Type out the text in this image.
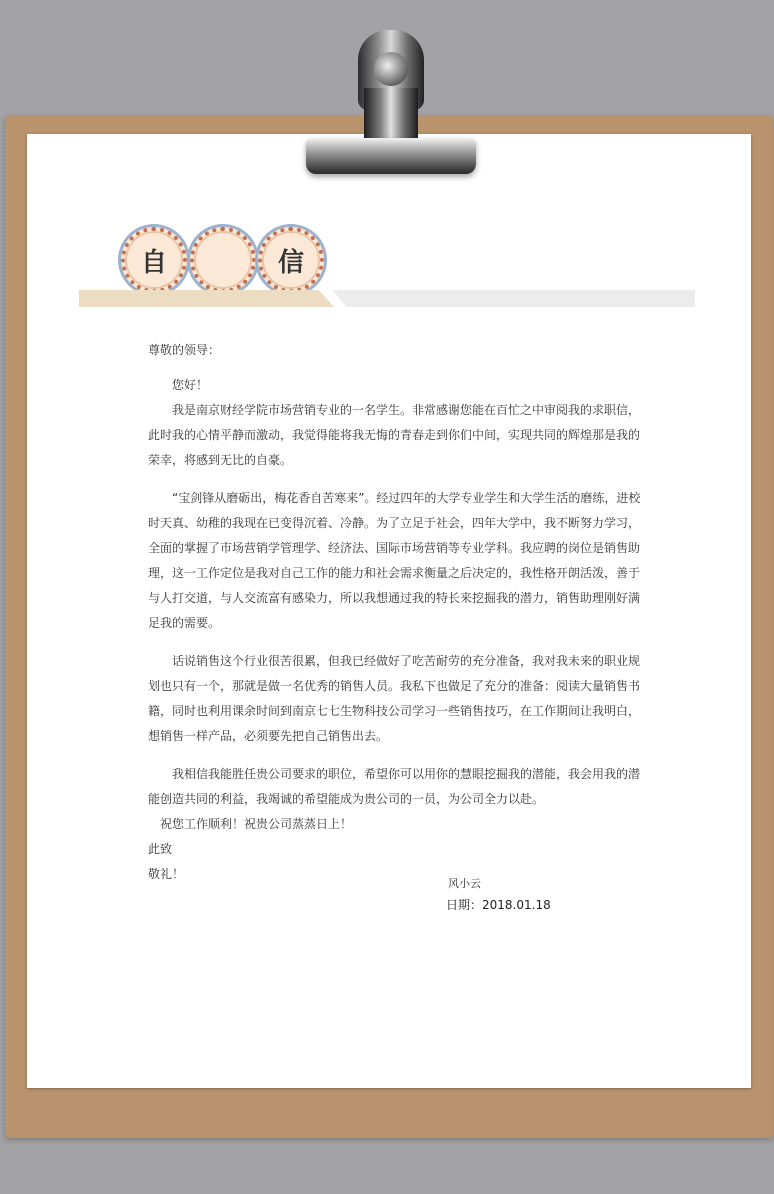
自	信

尊敬的领导：

您好！

我是南京财经学院市场营销专业的一名学生。非常感谢您能在百忙之中审阅我的求职信，此时我的心情平静而激动，我觉得能将我无悔的青春走到你们中间，实现共同的辉煌那是我的荣幸，将感到无比的自豪。

“宝剑锋从磨砺出，梅花香自苦寒来”。经过四年的大学专业学生和大学生活的磨练，进校时天真、幼稚的我现在已变得沉着、冷静。为了立足于社会，四年大学中，我不断努力学习，全面的掌握了市场营销学管理学、经济法、国际市场营销等专业学科。我应聘的岗位是销售助理，这一工作定位是我对自己工作的能力和社会需求衡量之后决定的，我性格开朗活泼，善于与人打交道，与人交流富有感染力，所以我想通过我的特长来挖掘我的潜力，销售助理刚好满足我的需要。

话说销售这个行业很苦很累，但我已经做好了吃苦耐劳的充分准备，我对我未来的职业规划也只有一个，那就是做一名优秀的销售人员。我私下也做足了充分的准备：阅读大量销售书籍，同时也利用课余时间到南京七七生物科技公司学习一些销售技巧，在工作期间让我明白，想销售一样产品，必须要先把自己销售出去。

我相信我能胜任贵公司要求的职位，希望你可以用你的慧眼挖掘我的潜能，我会用我的潜能创造共同的利益，我竭诚的希望能成为贵公司的一员，为公司全力以赴。

祝您工作顺利！祝贵公司蒸蒸日上！

此致

敬礼！

风小云
日期：2018.01.18
